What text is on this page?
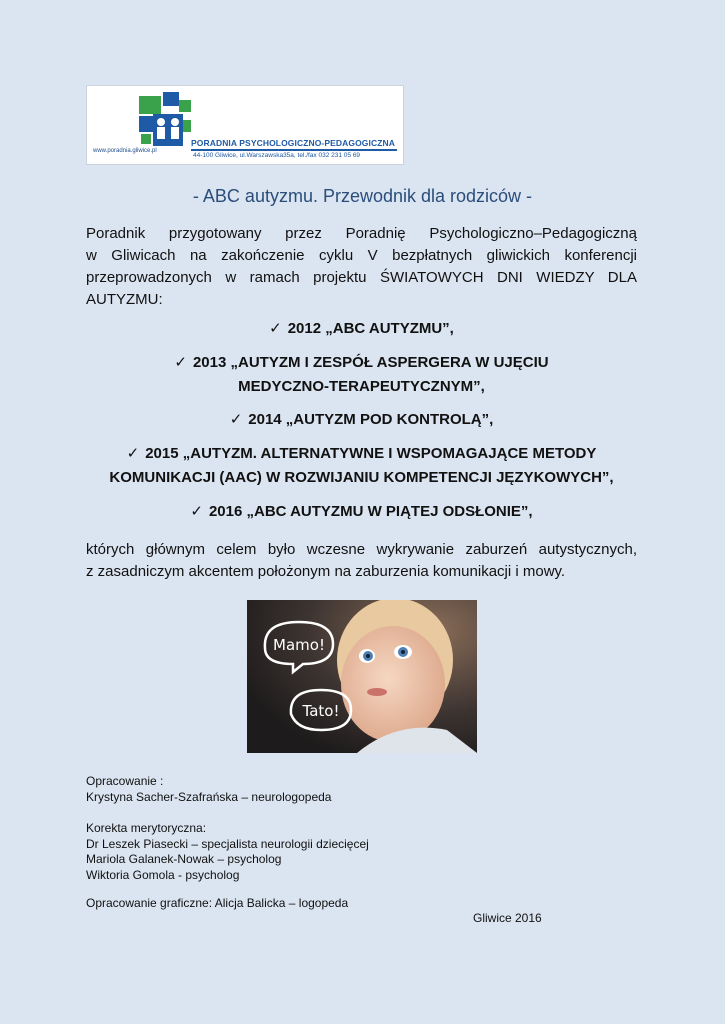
www.poradnia.gliwice.pl
PORADNIA PSYCHOLOGICZNO-PEDAGOGICZNA
44-100 Gliwice, ul.Warszawska35a, tel./fax 032 231 05 69
- ABC autyzmu. Przewodnik dla rodziców -
Poradnik przygotowany przez Poradnię Psychologiczno–Pedagogiczną
w Gliwicach na zakończenie cyklu V bezpłatnych gliwickich konferencji
przeprowadzonych w ramach projektu ŚWIATOWYCH DNI WIEDZY DLA
AUTYZMU:
✓ 2012 „ABC AUTYZMU”,
✓ 2013 „AUTYZM I ZESPÓŁ ASPERGERA W UJĘCIU
MEDYCZNO-TERAPEUTYCZNYM”,
✓ 2014 „AUTYZM POD KONTROLĄ”,
✓ 2015 „AUTYZM. ALTERNATYWNE I WSPOMAGAJĄCE METODY
KOMUNIKACJI (AAC) W ROZWIJANIU KOMPETENCJI JĘZYKOWYCH”,
✓ 2016 „ABC AUTYZMU W PIĄTEJ ODSŁONIE”,
których głównym celem było wczesne wykrywanie zaburzeń autystycznych,
z zasadniczym akcentem położonym na zaburzenia komunikacji i mowy.
Mamo!
Tato!
Opracowanie :
Krystyna Sacher-Szafrańska – neurologopeda
Korekta merytoryczna:
Dr Leszek Piasecki – specjalista neurologii dziecięcej
Mariola Galanek-Nowak – psycholog
Wiktoria Gomola - psycholog
Opracowanie graficzne: Alicja Balicka – logopeda
Gliwice 2016
